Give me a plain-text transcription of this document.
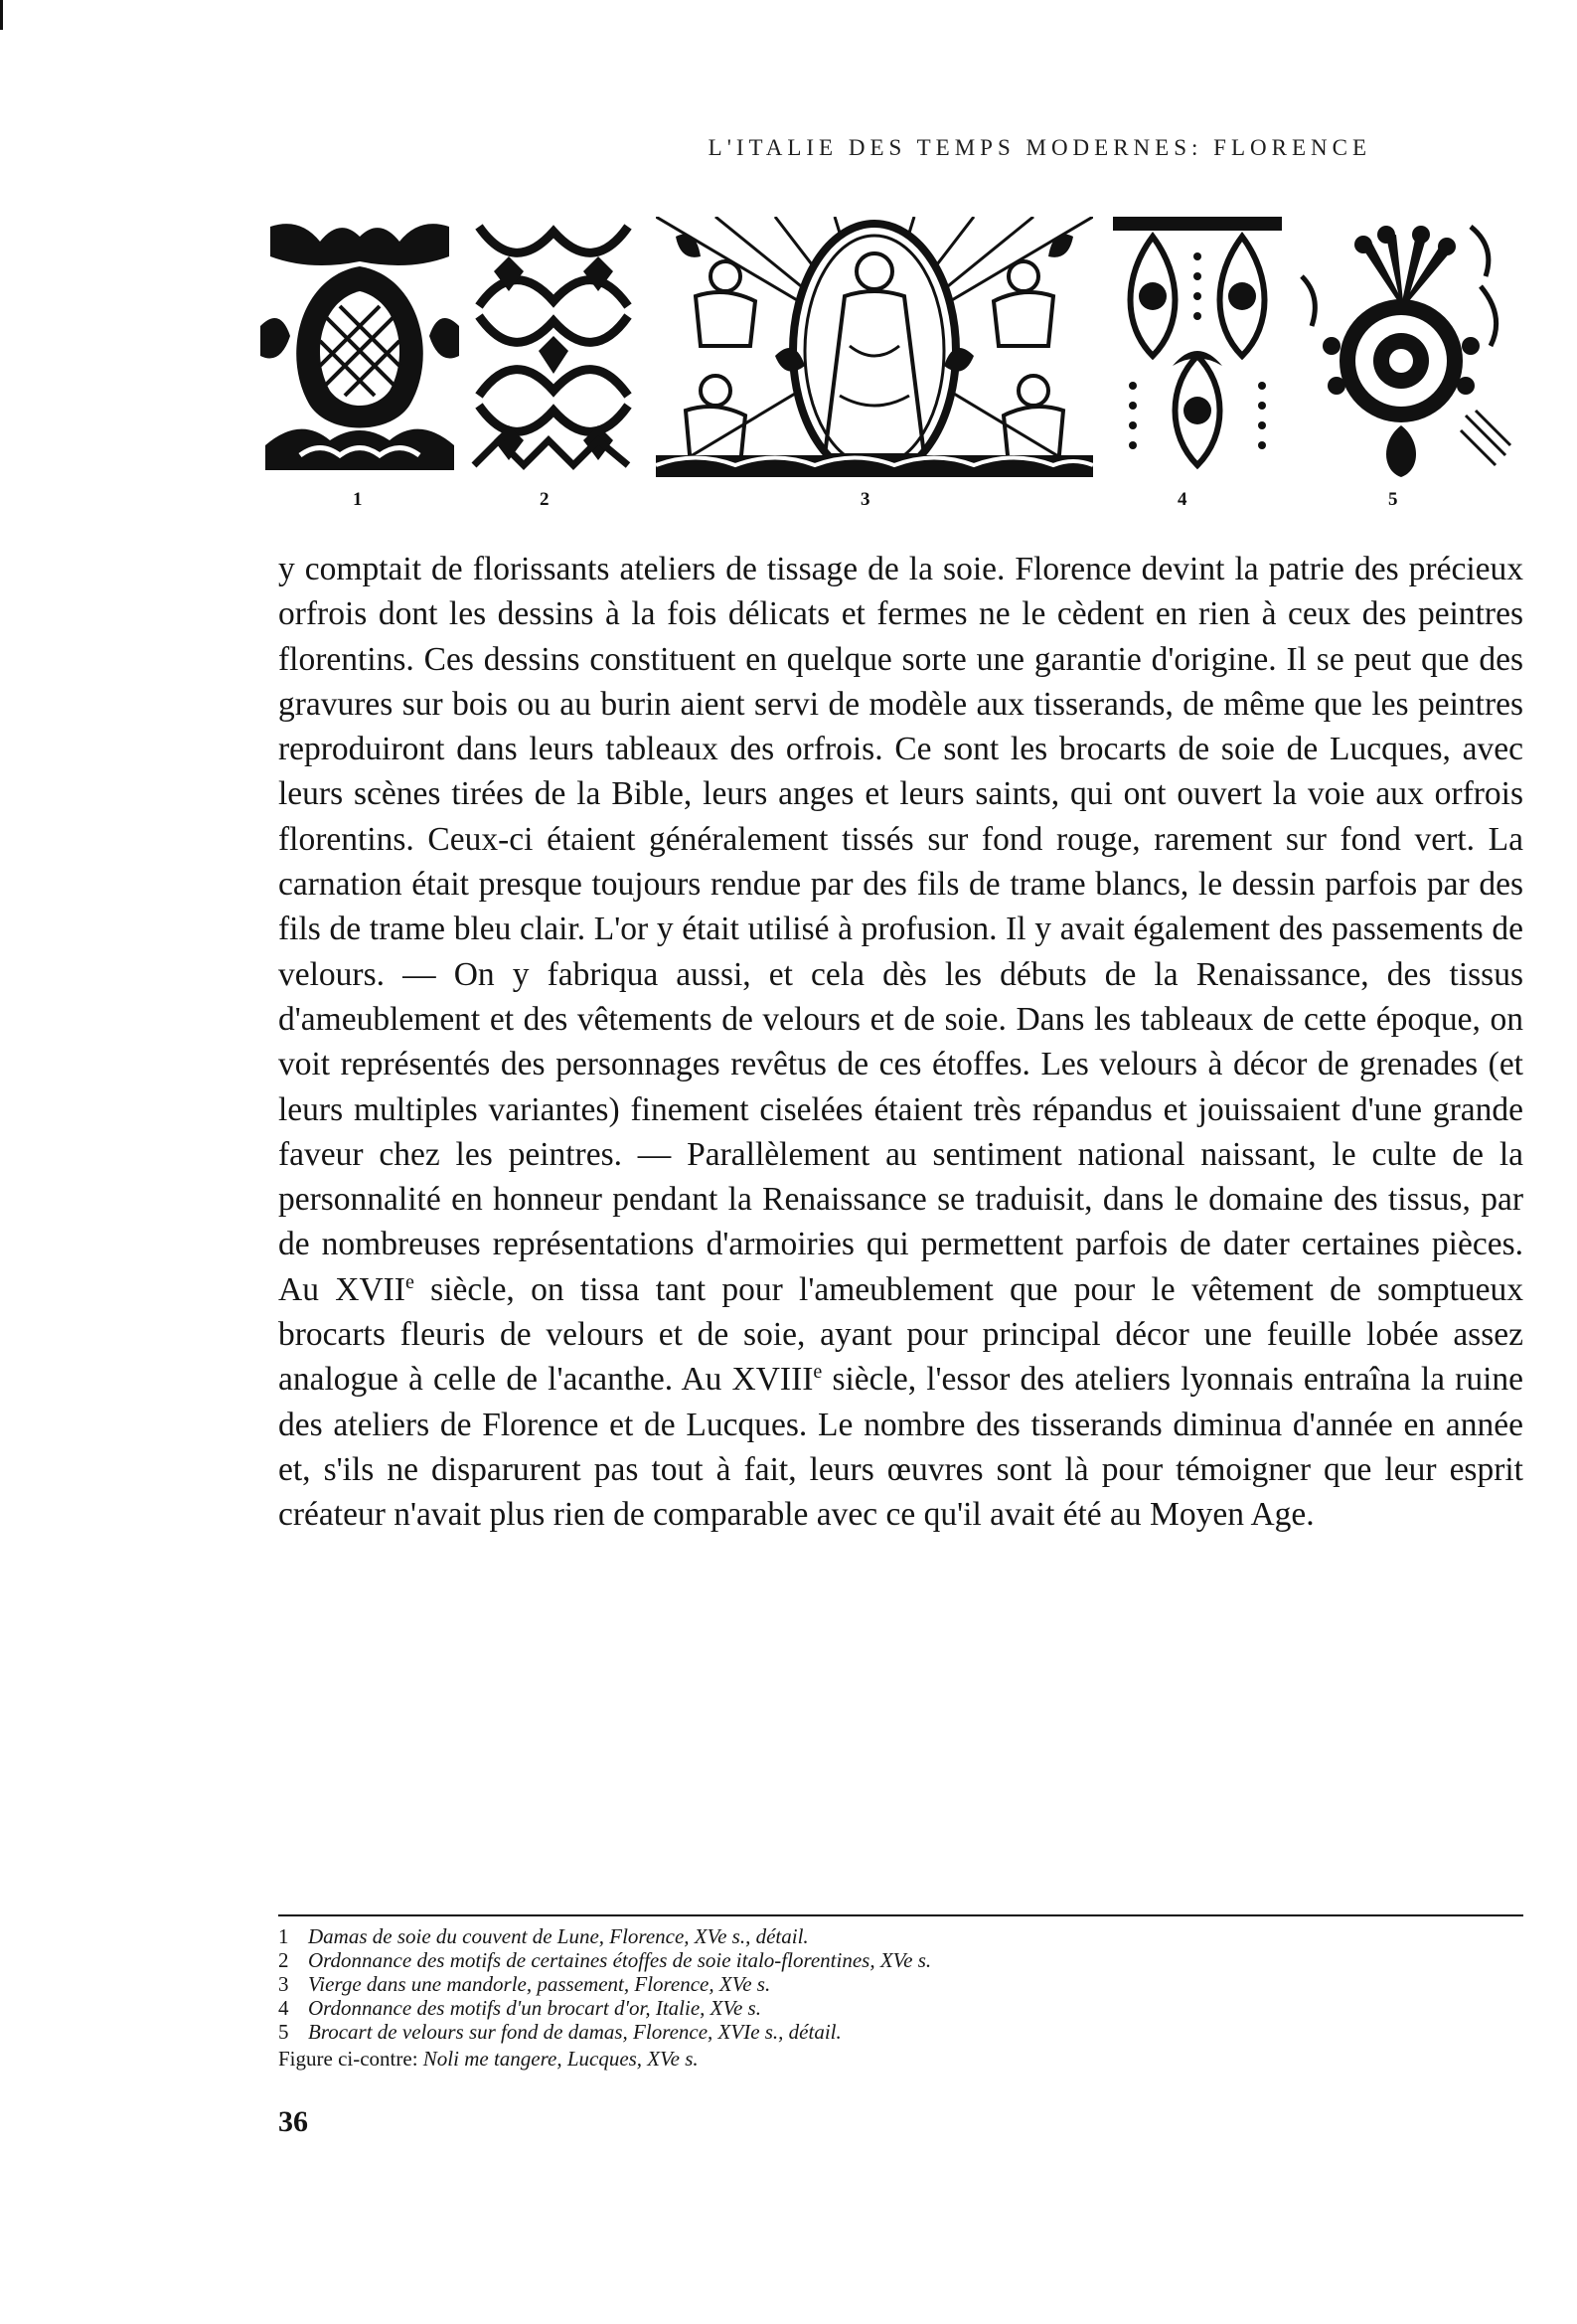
L'ITALIE DES TEMPS MODERNES: FLORENCE
1	2	3	4	5
y comptait de florissants ateliers de tissage de la soie. Florence devint la patrie des précieux orfrois dont les dessins à la fois délicats et fermes ne le cèdent en rien à ceux des peintres florentins. Ces dessins constituent en quelque sorte une garantie d'origine. Il se peut que des gravures sur bois ou au burin aient servi de modèle aux tisserands, de même que les peintres reproduiront dans leurs tableaux des orfrois. Ce sont les brocarts de soie de Lucques, avec leurs scènes tirées de la Bible, leurs anges et leurs saints, qui ont ouvert la voie aux orfrois florentins. Ceux-ci étaient généralement tissés sur fond rouge, rarement sur fond vert. La carnation était presque toujours rendue par des fils de trame blancs, le dessin parfois par des fils de trame bleu clair. L'or y était utilisé à profusion. Il y avait également des passements de velours. — On y fabriqua aussi, et cela dès les débuts de la Renaissance, des tissus d'ameublement et des vêtements de velours et de soie. Dans les tableaux de cette époque, on voit représentés des personnages revêtus de ces étoffes. Les velours à décor de grenades (et leurs multiples variantes) finement ciselées étaient très répandus et jouissaient d'une grande faveur chez les peintres. — Parallèlement au sentiment national naissant, le culte de la personnalité en honneur pendant la Renaissance se traduisit, dans le domaine des tissus, par de nombreuses représentations d'armoiries qui permettent parfois de dater certaines pièces. Au XVIIe siècle, on tissa tant pour l'ameublement que pour le vêtement de somptueux brocarts fleuris de velours et de soie, ayant pour principal décor une feuille lobée assez analogue à celle de l'acanthe. Au XVIIIe siècle, l'essor des ateliers lyonnais entraîna la ruine des ateliers de Florence et de Lucques. Le nombre des tisserands diminua d'année en année et, s'ils ne disparurent pas tout à fait, leurs œuvres sont là pour témoigner que leur esprit créateur n'avait plus rien de comparable avec ce qu'il avait été au Moyen Age.
1 Damas de soie du couvent de Lune, Florence, XVe s., détail.
2 Ordonnance des motifs de certaines étoffes de soie italo-florentines, XVe s.
3 Vierge dans une mandorle, passement, Florence, XVe s.
4 Ordonnance des motifs d'un brocart d'or, Italie, XVe s.
5 Brocart de velours sur fond de damas, Florence, XVIe s., détail.
Figure ci-contre: Noli me tangere, Lucques, XVe s.
36
